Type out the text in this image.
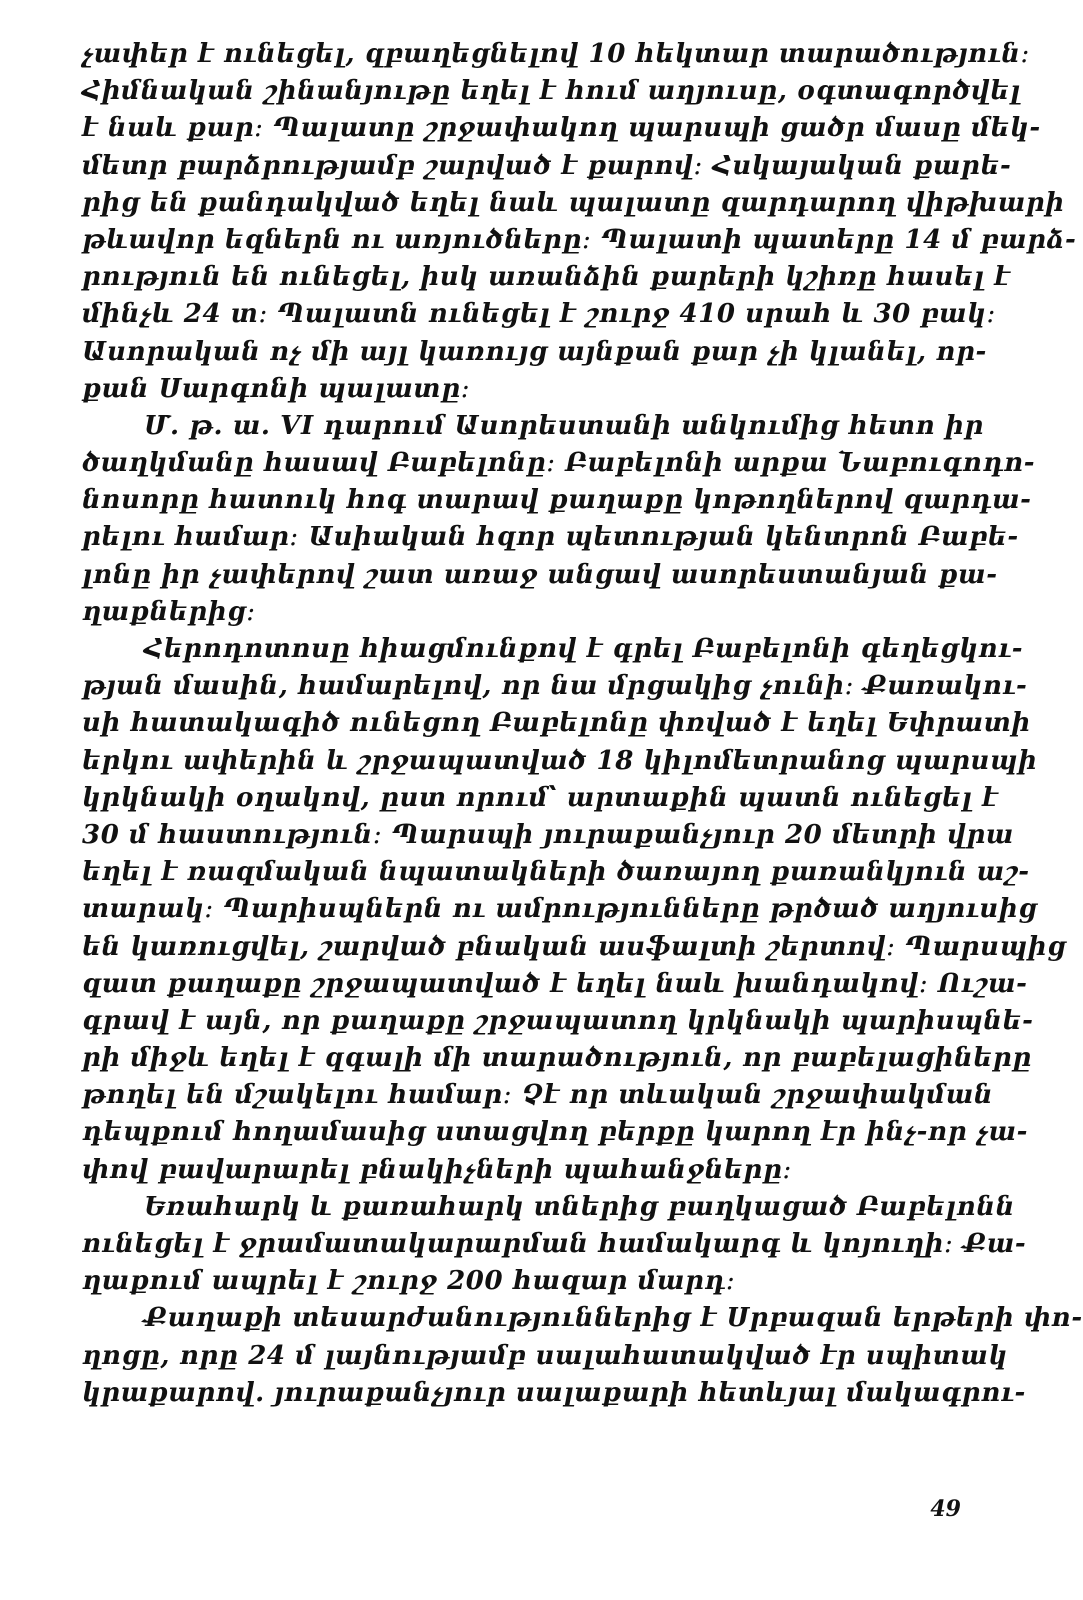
չափեր է ունեցել, զբաղեցնելով 10 հեկտար տարածություն։
Հիմնական շինանյութը եղել է հում աղյուսը, օգտագործվել
է նաև քար։ Պալատը շրջափակող պարսպի ցածր մասը մեկ-
մետր բարձրությամբ շարված է քարով։ Հսկայական քարե-
րից են քանդակված եղել նաև պալատը զարդարող վիթխարի
թևավոր եզներն ու առյուծները։ Պալատի պատերը 14 մ բարձ-
րություն են ունեցել, իսկ առանձին քարերի կշիռը հասել է
մինչև 24 տ։ Պալատն ունեցել է շուրջ 410 սրահ և 30 բակ։
Ասորական ոչ մի այլ կառույց այնքան քար չի կլանել, որ-
քան Սարգոնի պալատը։
Մ. թ. ա. VI դարում Ասորեստանի անկումից հետո իր
ծաղկմանը հասավ Բաբելոնը։ Բաբելոնի արքա Նաբուգոդո-
նոսորը հատուկ հոգ տարավ քաղաքը կոթողներով զարդա-
րելու համար։ Ասիական հզոր պետության կենտրոն Բաբե-
լոնը իր չափերով շատ առաջ անցավ ասորեստանյան քա-
ղաքներից։
Հերոդոտոսը հիացմունքով է գրել Բաբելոնի գեղեցկու-
թյան մասին, համարելով, որ նա մրցակից չունի։ Քառակու-
սի հատակագիծ ունեցող Բաբելոնը փռված է եղել Եփրատի
երկու ափերին և շրջապատված 18 կիլոմետրանոց պարսպի
կրկնակի օղակով, ըստ որում՝ արտաքին պատն ունեցել է
30 մ հաստություն։ Պարսպի յուրաքանչյուր 20 մետրի վրա
եղել է ռազմական նպատակների ծառայող քառանկյուն աշ-
տարակ։ Պարիսպներն ու ամրությունները թրծած աղյուսից
են կառուցվել, շարված բնական ասֆալտի շերտով։ Պարսպից
զատ քաղաքը շրջապատված է եղել նաև խանդակով։ Ուշա-
գրավ է այն, որ քաղաքը շրջապատող կրկնակի պարիսպնե-
րի միջև եղել է զգալի մի տարածություն, որ բաբելացիները
թողել են մշակելու համար։ Չէ որ տևական շրջափակման
դեպքում հողամասից ստացվող բերքը կարող էր ինչ-որ չա-
փով բավարարել բնակիչների պահանջները։
Եռահարկ և քառահարկ տներից բաղկացած Բաբելոնն
ունեցել է ջրամատակարարման համակարգ և կոյուղի։ Քա-
ղաքում ապրել է շուրջ 200 հազար մարդ։
Քաղաքի տեսարժանություններից է Սրբազան երթերի փո-
ղոցը, որը 24 մ լայնությամբ սալահատակված էր սպիտակ
կրաքարով. յուրաքանչյուր սալաքարի հետևյալ մակագրու-
49
